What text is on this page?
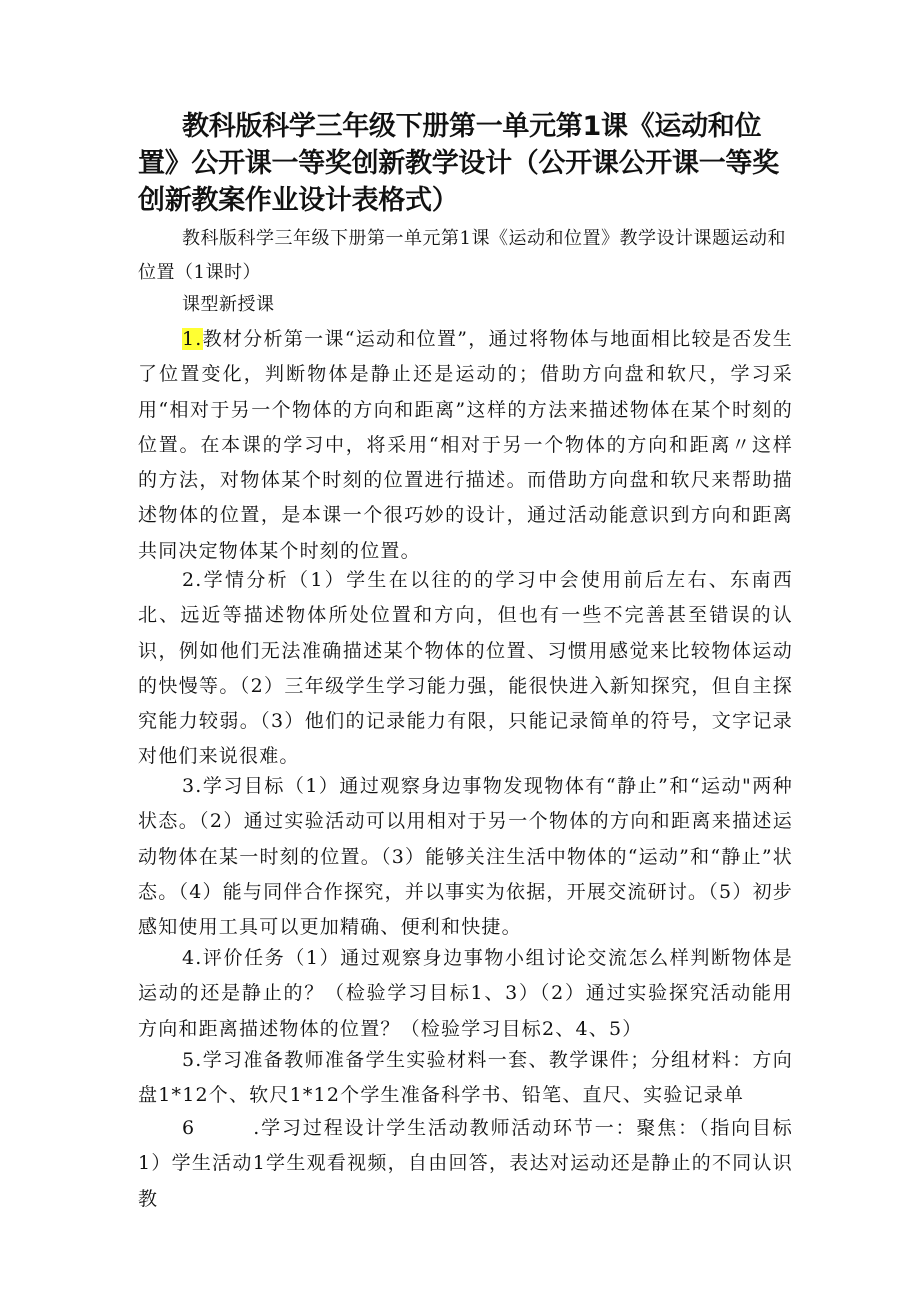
教科版科学三年级下册第一单元第1课《运动和位置》公开课一等奖创新教学设计（公开课公开课一等奖创新教案作业设计表格式）
教科版科学三年级下册第一单元第1课《运动和位置》教学设计课题运动和位置（1课时）
课型新授课

1.教材分析第一课“运动和位置”，通过将物体与地面相比较是否发生了位置变化，判断物体是静止还是运动的；借助方向盘和软尺，学习采用“相对于另一个物体的方向和距离”这样的方法来描述物体在某个时刻的位置。在本课的学习中，将采用“相对于另一个物体的方向和距离〃这样的方法，对物体某个时刻的位置进行描述。而借助方向盘和软尺来帮助描述物体的位置，是本课一个很巧妙的设计，通过活动能意识到方向和距离共同决定物体某个时刻的位置。

2.学情分析（1）学生在以往的的学习中会使用前后左右、东南西北、远近等描述物体所处位置和方向，但也有一些不完善甚至错误的认识，例如他们无法准确描述某个物体的位置、习惯用感觉来比较物体运动的快慢等。（2）三年级学生学习能力强，能很快进入新知探究，但自主探究能力较弱。（3）他们的记录能力有限，只能记录简单的符号，文字记录对他们来说很难。

3.学习目标（1）通过观察身边事物发现物体有“静止”和“运动"两种状态。（2）通过实验活动可以用相对于另一个物体的方向和距离来描述运动物体在某一时刻的位置。（3）能够关注生活中物体的“运动”和“静止”状态。（4）能与同伴合作探究，并以事实为依据，开展交流研讨。（5）初步感知使用工具可以更加精确、便利和快捷。

4.评价任务（1）通过观察身边事物小组讨论交流怎么样判断物体是运动的还是静止的？（检验学习目标1、3）（2）通过实验探究活动能用方向和距离描述物体的位置？（检验学习目标2、4、5）

5.学习准备教师准备学生实验材料一套、教学课件；分组材料：方向盘1*12个、软尺1*12个学生准备科学书、铅笔、直尺、实验记录单

6	.学习过程设计学生活动教师活动环节一：聚焦：（指向目标1）学生活动1学生观看视频，自由回答，表达对运动还是静止的不同认识教
